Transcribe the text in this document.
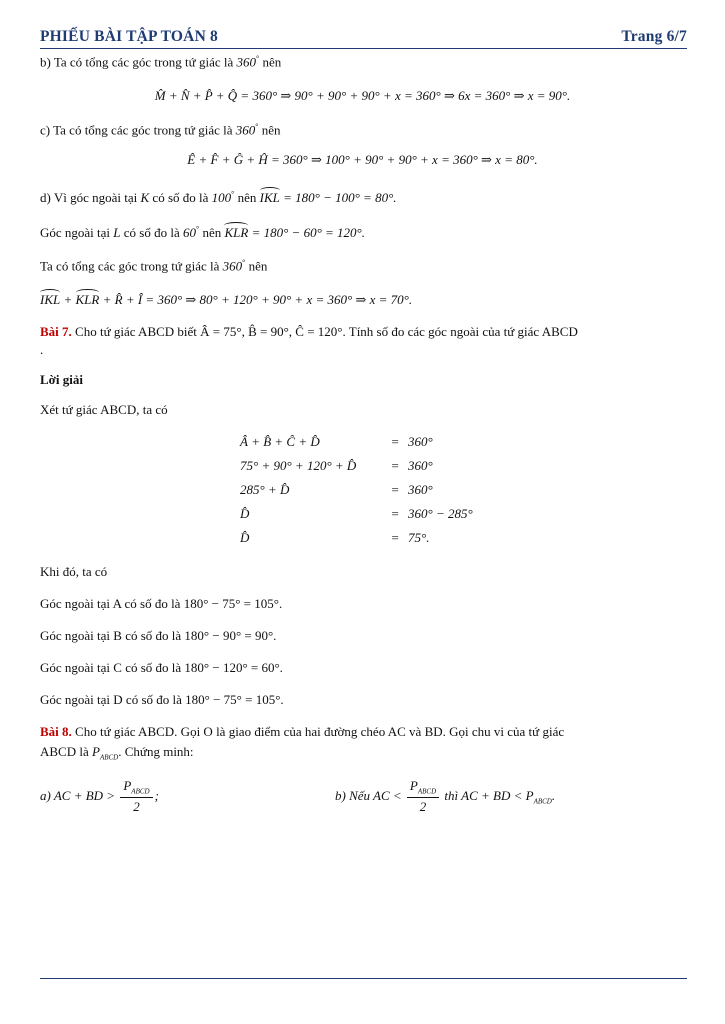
PHIẾU BÀI TẬP TOÁN 8	Trang 6/7
b) Ta có tổng các góc trong tứ giác là 360° nên
M̂ + N̂ + P̂ + Q̂ = 360° ⇒ 90° + 90° + 90° + x = 360° ⇒ 6x = 360° ⇒ x = 90°.
c) Ta có tổng các góc trong tứ giác là 360° nên
Ê + F̂ + Ĝ + Ĥ = 360° ⇒ 100° + 90° + 90° + x = 360° ⇒ x = 80°.
d) Vì góc ngoài tại K có số đo là 100° nên IKL = 180° − 100° = 80°.
Góc ngoài tại L có số đo là 60° nên KLR = 180° − 60° = 120°.
Ta có tổng các góc trong tứ giác là 360° nên
IKL + KLR + R̂ + Î = 360° ⇒ 80° + 120° + 90° + x = 360° ⇒ x = 70°.
Bài 7. Cho tứ giác ABCD biết Â = 75°, B̂ = 90°, Ĉ = 120°. Tính số đo các góc ngoài của tứ giác ABCD
.
Lời giải
Xét tứ giác ABCD, ta có
Â + B̂ + Ĉ + D̂	= 360°
75° + 90° + 120° + D̂	= 360°
285° + D̂	= 360°
D̂	= 360° − 285°
D̂	= 75°.
Khi đó, ta có
Góc ngoài tại A có số đo là 180° − 75° = 105°.
Góc ngoài tại B có số đo là 180° − 90° = 90°.
Góc ngoài tại C có số đo là 180° − 120° = 60°.
Góc ngoài tại D có số đo là 180° − 75° = 105°.
Bài 8. Cho tứ giác ABCD. Gọi O là giao điểm của hai đường chéo AC và BD. Gọi chu vi của tứ giác
ABCD là $P_{ABCD}$. Chứng minh:
a) AC + BD > $\frac{P_{ABCD}}{2}$ ;	b) Nếu AC < $\frac{P_{ABCD}}{2}$ thì AC + BD < $P_{ABCD}$.
